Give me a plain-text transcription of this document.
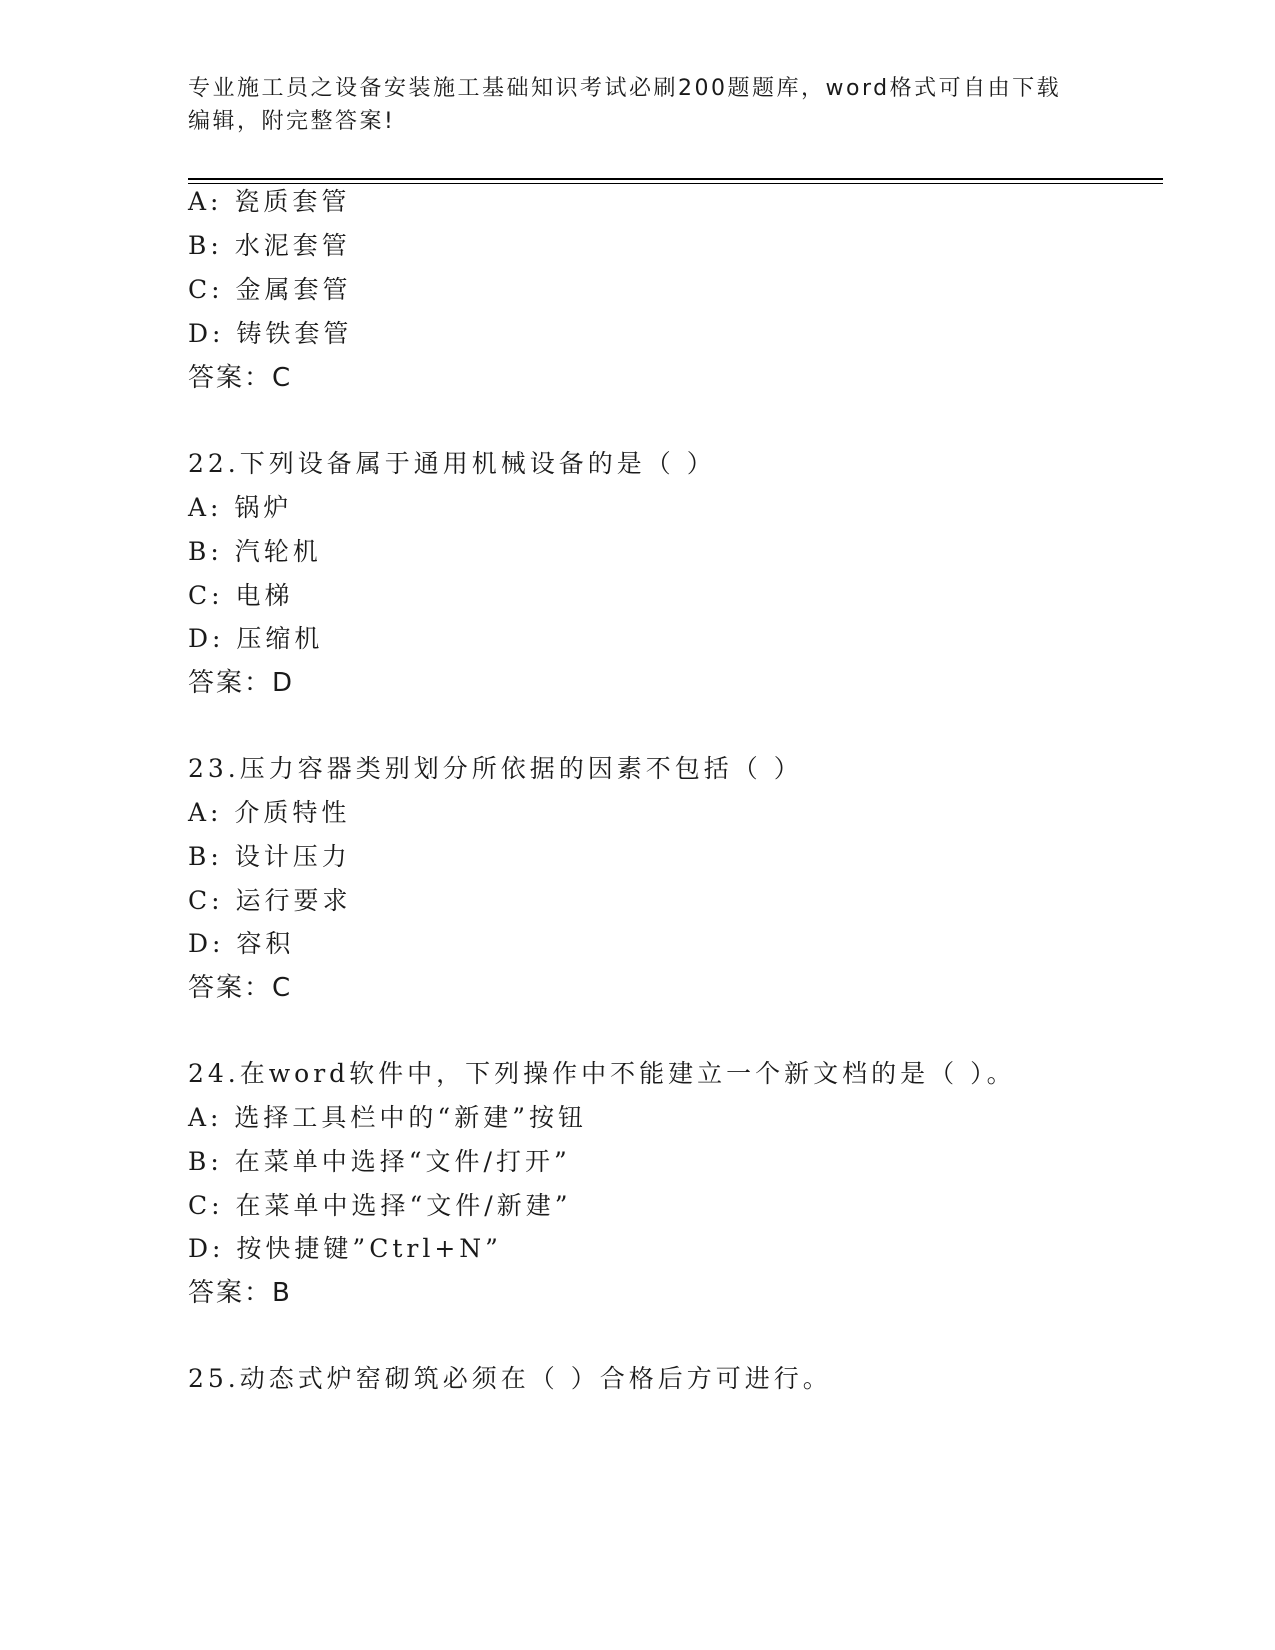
专业施工员之设备安装施工基础知识考试必刷200题题库，word格式可自由下载编辑，附完整答案!
A: 瓷质套管
B: 水泥套管
C: 金属套管
D: 铸铁套管
答案：C
22.下列设备属于通用机械设备的是（ ）
A: 锅炉
B: 汽轮机
C: 电梯
D: 压缩机
答案：D
23.压力容器类别划分所依据的因素不包括（ ）
A: 介质特性
B: 设计压力
C: 运行要求
D: 容积
答案：C
24.在word软件中，下列操作中不能建立一个新文档的是（ ）。
A: 选择工具栏中的“新建”按钮
B: 在菜单中选择“文件/打开”
C: 在菜单中选择“文件/新建”
D: 按快捷键”Ctrl+N”
答案：B
25.动态式炉窑砌筑必须在（ ）合格后方可进行。
